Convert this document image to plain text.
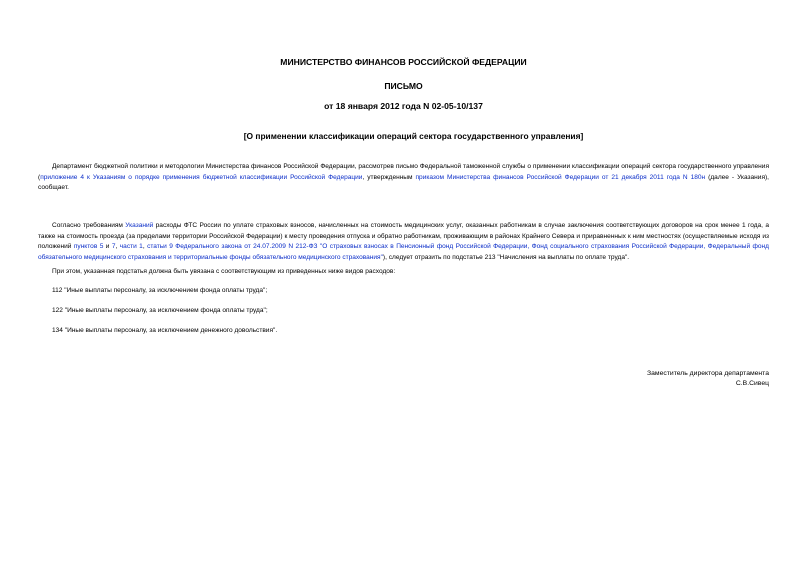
МИНИСТЕРСТВО ФИНАНСОВ РОССИЙСКОЙ ФЕДЕРАЦИИ
ПИСЬМО
от 18 января 2012 года N 02-05-10/137
[О применении классификации операций сектора государственного управления]

Департамент бюджетной политики и методологии Министерства финансов Российской Федерации, рассмотрев письмо Федеральной таможенной службы о применении классификации операций сектора государственного управления (приложение 4 к Указаниям о порядке применения бюджетной классификации Российской Федерации, утвержденным приказом Министерства финансов Российской Федерации от 21 декабря 2011 года N 180н (далее - Указания), сообщает.

Согласно требованиям Указаний расходы ФТС России по уплате страховых взносов, начисленных на стоимость медицинских услуг, оказанных работникам в случае заключения соответствующих договоров на срок менее 1 года, а также на стоимость проезда (за пределами территории Российской Федерации) к месту проведения отпуска и обратно работникам, проживающим в районах Крайнего Севера и приравненных к ним местностях (осуществляемые исходя из положений пунктов 5 и 7, части 1, статьи 9 Федерального закона от 24.07.2009 N 212-ФЗ "О страховых взносах в Пенсионный фонд Российской Федерации, Фонд социального страхования Российской Федерации, Федеральный фонд обязательного медицинского страхования и территориальные фонды обязательного медицинского страхования"), следует отразить по подстатье 213 "Начисления на выплаты по оплате труда".

При этом, указанная подстатья должна быть увязана с соответствующим из приведенных ниже видов расходов:

112 "Иные выплаты персоналу, за исключением фонда оплаты труда";

122 "Иные выплаты персоналу, за исключением фонда оплаты труда";

134 "Иные выплаты персоналу, за исключением денежного довольствия".

Заместитель директора департамента
С.В.Сивец
